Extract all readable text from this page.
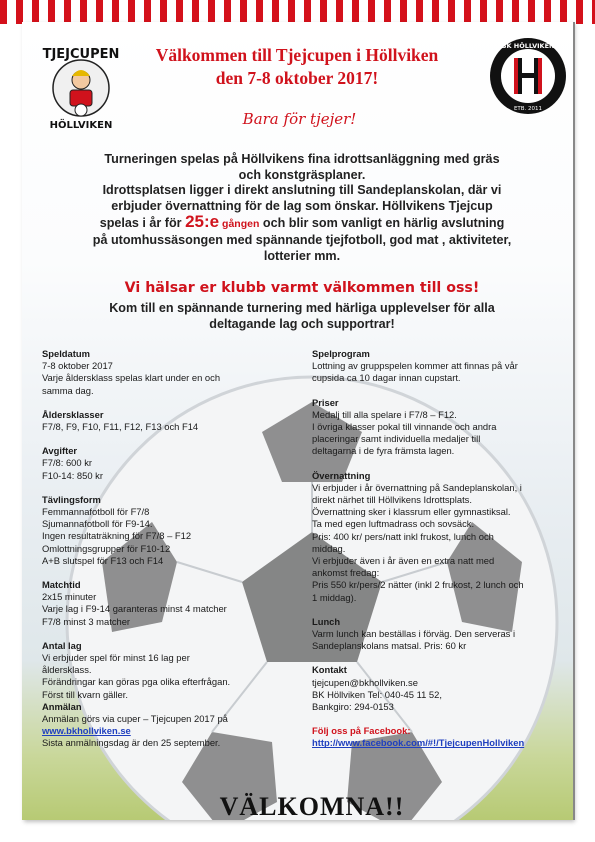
TJEJCUPEN
HÖLLVIKEN
BK HÖLLVIKEN
ETB. 2011
Välkommen till Tjejcupen i Höllviken
den 7-8 oktober 2017!
Bara för tjejer!

Turneringen spelas på Höllvikens fina idrottsanläggning med gräs
och konstgräsplaner.
Idrottsplatsen ligger i direkt anslutning till Sandeplanskolan, där vi
erbjuder övernattning för de lag som önskar. Höllvikens Tjejcup
spelas i år för 25:e gången och blir som vanligt en härlig avslutning
på utomhussäsongen med spännande tjejfotboll, god mat , aktiviteter,
lotterier mm.

Vi hälsar er klubb varmt välkommen till oss!

Kom till en spännande turnering med härliga upplevelser för alla
deltagande lag och supportrar!

Speldatum
7-8 oktober 2017
Varje åldersklass spelas klart under en och
samma dag.
Åldersklasser
F7/8, F9, F10, F11, F12, F13 och F14
Avgifter
F7/8: 600 kr
F10-14: 850 kr
Tävlingsform
Femmannafotboll för F7/8
Sjumannafotboll för F9-14.
Ingen resultaträkning för F7/8 – F12
Omlottningsgrupper för F10-12
A+B slutspel för F13 och F14
Matchtid
2x15 minuter
Varje lag i F9-14 garanteras minst 4 matcher
F7/8 minst 3 matcher
Antal lag
Vi erbjuder spel för minst 16 lag per
åldersklass.
Förändringar kan göras pga olika efterfrågan.
Först till kvarn gäller.
Anmälan
Anmälan görs via cuper – Tjejcupen 2017 på
www.bkhollviken.se
Sista anmälningsdag är den 25 september.
Spelprogram
Lottning av gruppspelen kommer att finnas på vår
cupsida ca 10 dagar innan cupstart.
Priser
Medalj till alla spelare i F7/8 – F12.
I övriga klasser pokal till vinnande och andra
placeringar samt individuella medaljer till
deltagarna i de fyra främsta lagen.
Övernattning
Vi erbjuder i år övernattning på Sandeplanskolan, i
direkt närhet till Höllvikens Idrottsplats.
Övernattning sker i klassrum eller gymnastiksal.
Ta med egen luftmadrass och sovsäck.
Pris: 400 kr/ pers/natt inkl frukost, lunch och
middag.
Vi erbjuder även i år även en extra natt med
ankomst fredag:
Pris 550 kr/pers/2 nätter (inkl 2 frukost, 2 lunch och
1 middag).
Lunch
Varm lunch kan beställas i förväg. Den serveras i
Sandeplanskolans matsal. Pris: 60 kr
Kontakt
tjejcupen@bkhollviken.se
BK Höllviken Tel: 040-45 11 52,
Bankgiro: 294-0153
Följ oss på Facebook:
http://www.facebook.com/#!/TjejcupenHollviken
VÄLKOMNA!!
